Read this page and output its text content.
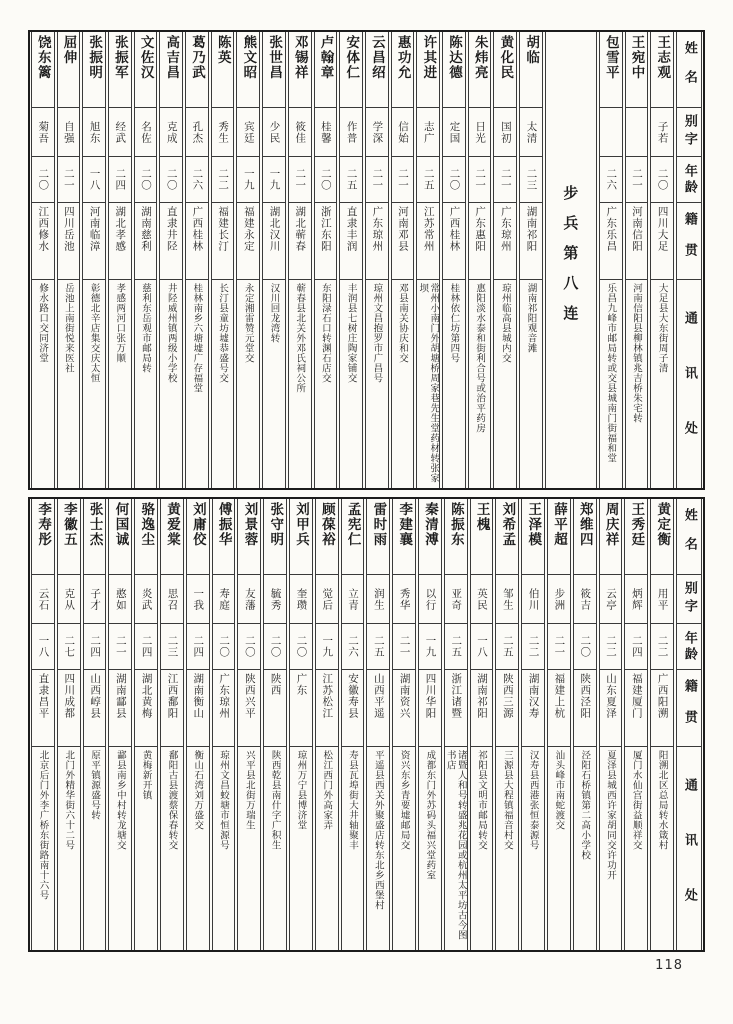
姓名
别字
年龄
籍贯
通讯处
王志观
子若
二〇
四川大足
大足县大东街周子清
王宛中
二一
河南信阳
河南信阳县柳林镇兆吉桥朱宅转
包雪平
二六
广东乐昌
乐昌九峰市邮局转或交县城南门街福和堂
步兵第八连
胡临
太清
二三
湖南祁阳
湖南祁阳观音滩
黄化民
国初
二一
广东琼州
琼州临高县城内交
朱炜亮
日光
二一
广东惠阳
惠阳淡水泰和街利合号或治平药房
陈达德
定国
二〇
广西桂林
桂林依仁坊第四号
许其进
志广
二五
江苏常州
常州小南门外胡塘桥周家巷先生堂药材转张家坝
惠功允
信始
二一
河南邓县
邓县南关协庆和交
云昌绍
学深
二一
广东琼州
琼州文昌抱罗市广昌号
安体仁
作普
二五
直隶丰润
丰润县七树庄陶家铺交
卢翰章
桂馨
二〇
浙江东阳
东阳渌石口转渊石店交
邓锡祥
筱佳
二一
湖北蕲春
蕲春县北关外邓氏祠公所
张世昌
少民
一九
湖北汉川
汉川回龙湾转
熊文昭
宾廷
一九
福建永定
永定湘雷赞元堂交
陈英
秀生
二二
福建长汀
长汀县童坊墟恭盛号交
葛乃武
孔杰
二六
广西桂林
桂林南乡六塘墟广存福堂
高吉昌
克成
二〇
直隶井陉
井陉威州镇两级小学校
文佐汉
名佐
二〇
湖南慈利
慈利东岳观市邮局转
张振军
经武
二四
湖北孝感
孝感两河口张万顺
张振明
旭东
一八
河南临漳
彰德北辛店集交庆太恒
屈伸
自强
二一
四川岳池
岳池上南街悦来医社
饶东篱
菊吾
二〇
江西修水
修水路口交同济堂
姓名
别字
年龄
籍贯
通讯处
黄定衡
用平
二二
广西阳溯
阳溯北区总局转水箴村
王秀廷
炳辉
二四
福建厦门
厦门水仙宫街益顺祥交
周庆祥
云亭
二二
山东夏泽
夏泽县城西许家胡同交许功开
郑维四
筱吉
二〇
陕西泾阳
泾阳石桥镇第二高小学校
薛平超
步洲
二一
福建上杭
汕头峰市南蛇渡交
王泽模
伯川
二二
湖南汉寿
汉寿县西港张恒泰源号
刘希孟
邹生
二五
陕西三源
三源县大程镇福音村交
王槐
英民
一八
湖南祁阳
祁阳县文明市邮局转交
陈振东
亚奇
二五
浙江诸暨
诸暨人和号转盛兆花园或杭州太平坊古今图书店
秦清溥
以行
一九
四川华阳
成都东门外苏码头福兴堂药室
李建襄
秀华
二一
湖南资兴
资兴东乡青要墟邮局交
雷时雨
润生
二五
山西平遥
平遥县西关外聚盛店转东北乡西堡村
孟宪仁
立青
二六
安徽寿县
寿县瓦埠街大井轴聚丰
顾葆裕
觉后
一九
江苏松江
松江西门外高家弄
刘甲兵
奎瓒
二〇
广东
琼州万宁县博济堂
张守明
毓秀
二〇
陕西
陕西乾县南什字广积生
刘景蓉
友藩
二〇
陕西兴平
兴平县北街万瑞生
傅振华
寿庭
二〇
广东琼州
琼州文昌蛟塘市恒源号
刘庸佼
一我
二四
湖南衡山
衡山石湾刘万盛交
黄爱棠
思召
二三
江西鄱阳
鄱阳古县渡蔡保春转交
骆逸尘
炎武
二四
湖北黄梅
黄梅新开镇
何国诚
憨如
二一
湖南酃县
酃县南乡中村转龙塘交
张士杰
子才
二四
山西崞县
原平镇源盛号转
李徽五
克从
二七
四川成都
北门外精华街六十二号
李寿彤
云石
一八
直隶昌平
北京后门外李广桥东街路南十六号
118
